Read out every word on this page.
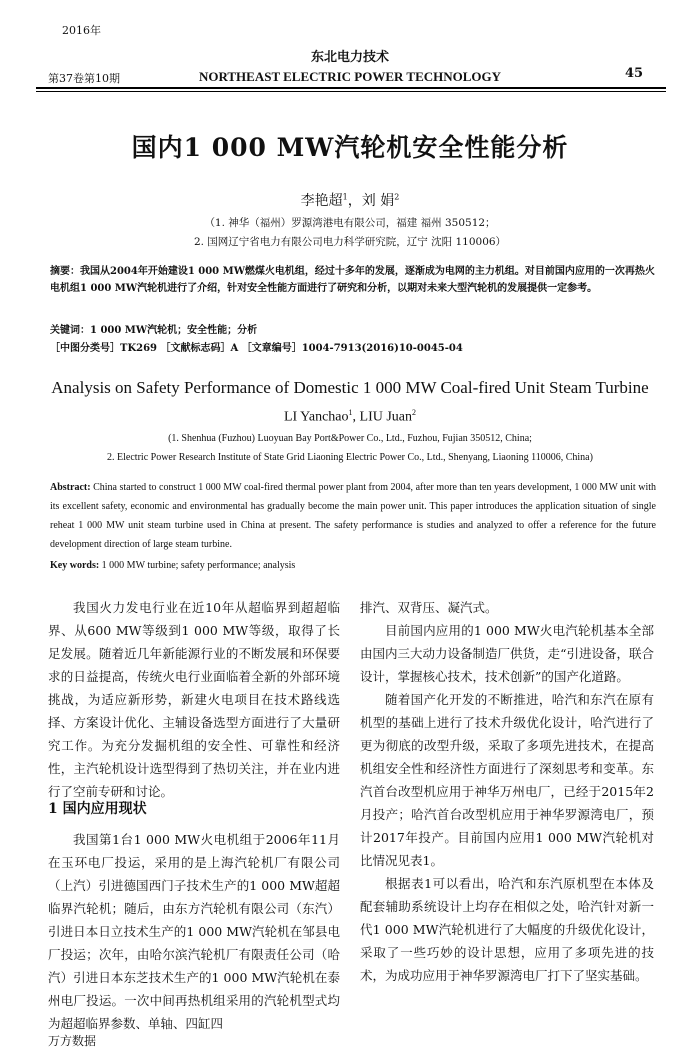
2016年
第37卷第10期
东北电力技术
NORTHEAST ELECTRIC POWER TECHNOLOGY	45
国内1 000 MW汽轮机安全性能分析
李艳超$^1$，刘 娟$^2$
（1. 神华（福州）罗源湾港电有限公司，福建 福州 350512；
2. 国网辽宁省电力有限公司电力科学研究院，辽宁 沈阳 110006）
摘要：我国从2004年开始建设1 000 MW燃煤火电机组，经过十多年的发展，逐渐成为电网的主力机组。对目前国内应用的一次再热火电机组1 000 MW汽轮机进行了介绍，针对安全性能方面进行了研究和分析，以期对未来大型汽轮机的发展提供一定参考。
关键词：1 000 MW汽轮机；安全性能；分析
［中图分类号］TK269 ［文献标志码］A ［文章编号］1004-7913(2016)10-0045-04
Analysis on Safety Performance of Domestic 1 000 MW Coal-fired Unit Steam Turbine
LI Yanchao$^1$, LIU Juan$^2$
(1. Shenhua (Fuzhou) Luoyuan Bay Port&Power Co., Ltd., Fuzhou, Fujian 350512, China;
2. Electric Power Research Institute of State Grid Liaoning Electric Power Co., Ltd., Shenyang, Liaoning 110006, China)
Abstract: China started to construct 1 000 MW coal-fired thermal power plant from 2004, after more than ten years development, 1 000 MW unit with its excellent safety, economic and environmental has gradually become the main power unit. This paper introduces the application situation of single reheat 1 000 MW unit steam turbine used in China at present. The safety performance is studies and analyzed to offer a reference for the future development direction of large steam turbine.
Key words: 1 000 MW turbine; safety performance; analysis

我国火力发电行业在近10年从超临界到超超临界、从600 MW等级到1 000 MW等级，取得了长足发展。随着近几年新能源行业的不断发展和环保要求的日益提高，传统火电行业面临着全新的外部环境挑战，为适应新形势，新建火电项目在技术路线选择、方案设计优化、主辅设备选型方面进行了大量研究工作。为充分发掘机组的安全性、可靠性和经济性，主汽轮机设计选型得到了热切关注，并在业内进行了空前专研和讨论。

1 国内应用现状

我国第1台1 000 MW火电机组于2006年11月在玉环电厂投运，采用的是上海汽轮机厂有限公司（上汽）引进德国西门子技术生产的1 000 MW超超临界汽轮机；随后，由东方汽轮机有限公司（东汽）引进日本日立技术生产的1 000 MW汽轮机在邹县电厂投运；次年，由哈尔滨汽轮机厂有限责任公司（哈汽）引进日本东芝技术生产的1 000 MW汽轮机在泰州电厂投运。一次中间再热机组采用的汽轮机型式均为超超临界参数、单轴、四缸四

排汽、双背压、凝汽式。

目前国内应用的1 000 MW火电汽轮机基本全部由国内三大动力设备制造厂供货，走“引进设备，联合设计，掌握核心技术，技术创新”的国产化道路。

随着国产化开发的不断推进，哈汽和东汽在原有机型的基础上进行了技术升级优化设计，哈汽进行了更为彻底的改型升级，采取了多项先进技术，在提高机组安全性和经济性方面进行了深刻思考和变革。东汽首台改型机应用于神华万州电厂，已经于2015年2月投产；哈汽首台改型机应用于神华罗源湾电厂，预计2017年投产。目前国内应用1 000 MW汽轮机对比情况见表1。

根据表1可以看出，哈汽和东汽原机型在本体及配套辅助系统设计上均存在相似之处，哈汽针对新一代1 000 MW汽轮机进行了大幅度的升级优化设计，采取了一些巧妙的设计思想，应用了多项先进的技术，为成功应用于神华罗源湾电厂打下了坚实基础。

万方数据
